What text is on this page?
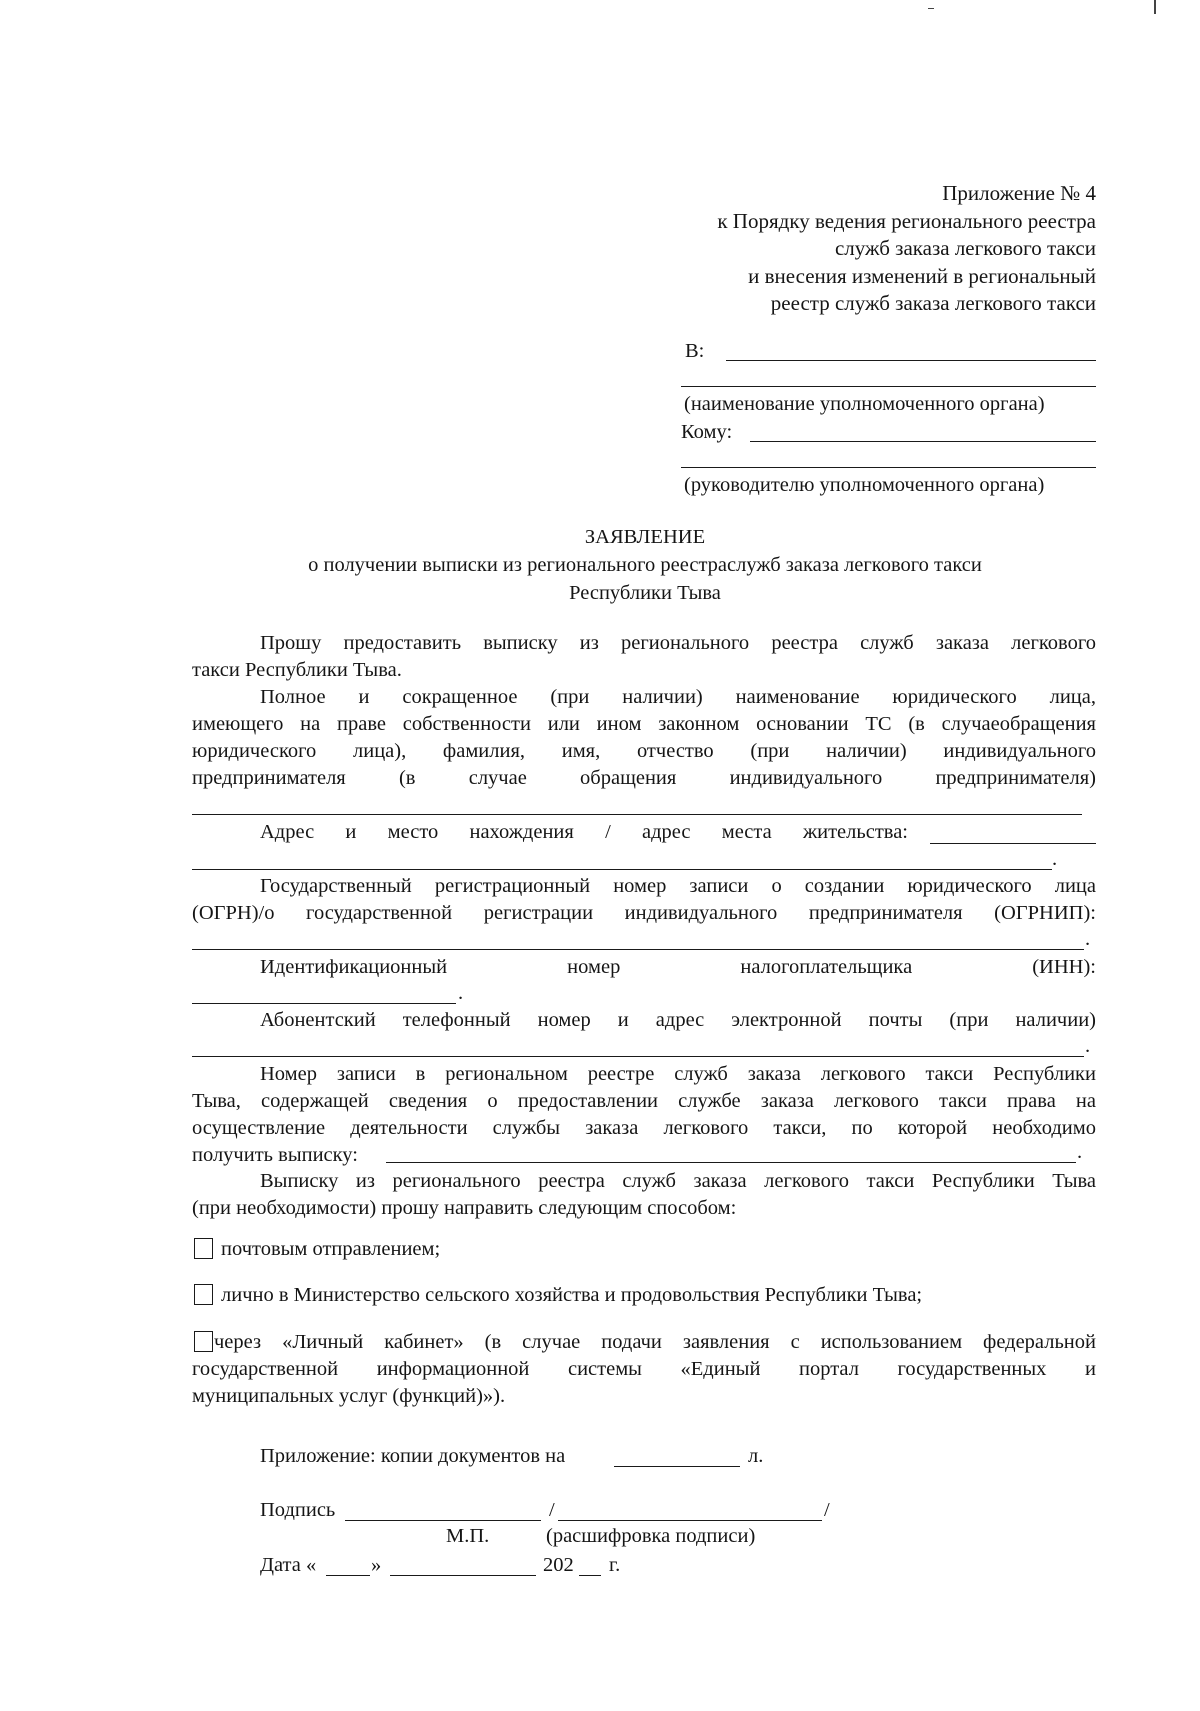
Приложение № 4
к Порядку ведения регионального реестра
служб заказа легкового такси
и внесения изменений в региональный
реестр служб заказа легкового такси
В:
(наименование уполномоченного органа)
Кому:
(руководителю уполномоченного органа)
ЗАЯВЛЕНИЕ
о получении выписки из регионального реестраслужб заказа легкового такси
Республики Тыва
Прошу предоставить выписку из регионального реестра служб заказа легкового
такси Республики Тыва.
Полное и сокращенное (при наличии) наименование юридического лица,
имеющего на праве собственности или ином законном основании ТС (в случаеобращения
юридического лица), фамилия, имя, отчество (при наличии) индивидуального
предпринимателя (в случае обращения индивидуального предпринимателя)
Адрес и место нахождения / адрес места жительства:
.
Государственный регистрационный номер записи о создании юридического лица
(ОГРН)/о государственной регистрации индивидуального предпринимателя (ОГРНИП):
.
Идентификационный номер налогоплательщика (ИНН):
.
Абонентский телефонный номер и адрес электронной почты (при наличии)
.
Номер записи в региональном реестре служб заказа легкового такси Республики
Тыва, содержащей сведения о предоставлении службе заказа легкового такси права на
осуществление деятельности службы заказа легкового такси, по которой необходимо
получить выписку:	.
Выписку из регионального реестра служб заказа легкового такси Республики Тыва
(при необходимости) прошу направить следующим способом:
почтовым отправлением;
лично в Министерство сельского хозяйства и продовольствия Республики Тыва;
через «Личный кабинет» (в случае подачи заявления с использованием федеральной
государственной информационной системы «Единый портал государственных и
муниципальных услуг (функций)»).
Приложение: копии документов на	л.
Подпись	/	/
М.П.	(расшифровка подписи)
Дата «	»	202 г.
